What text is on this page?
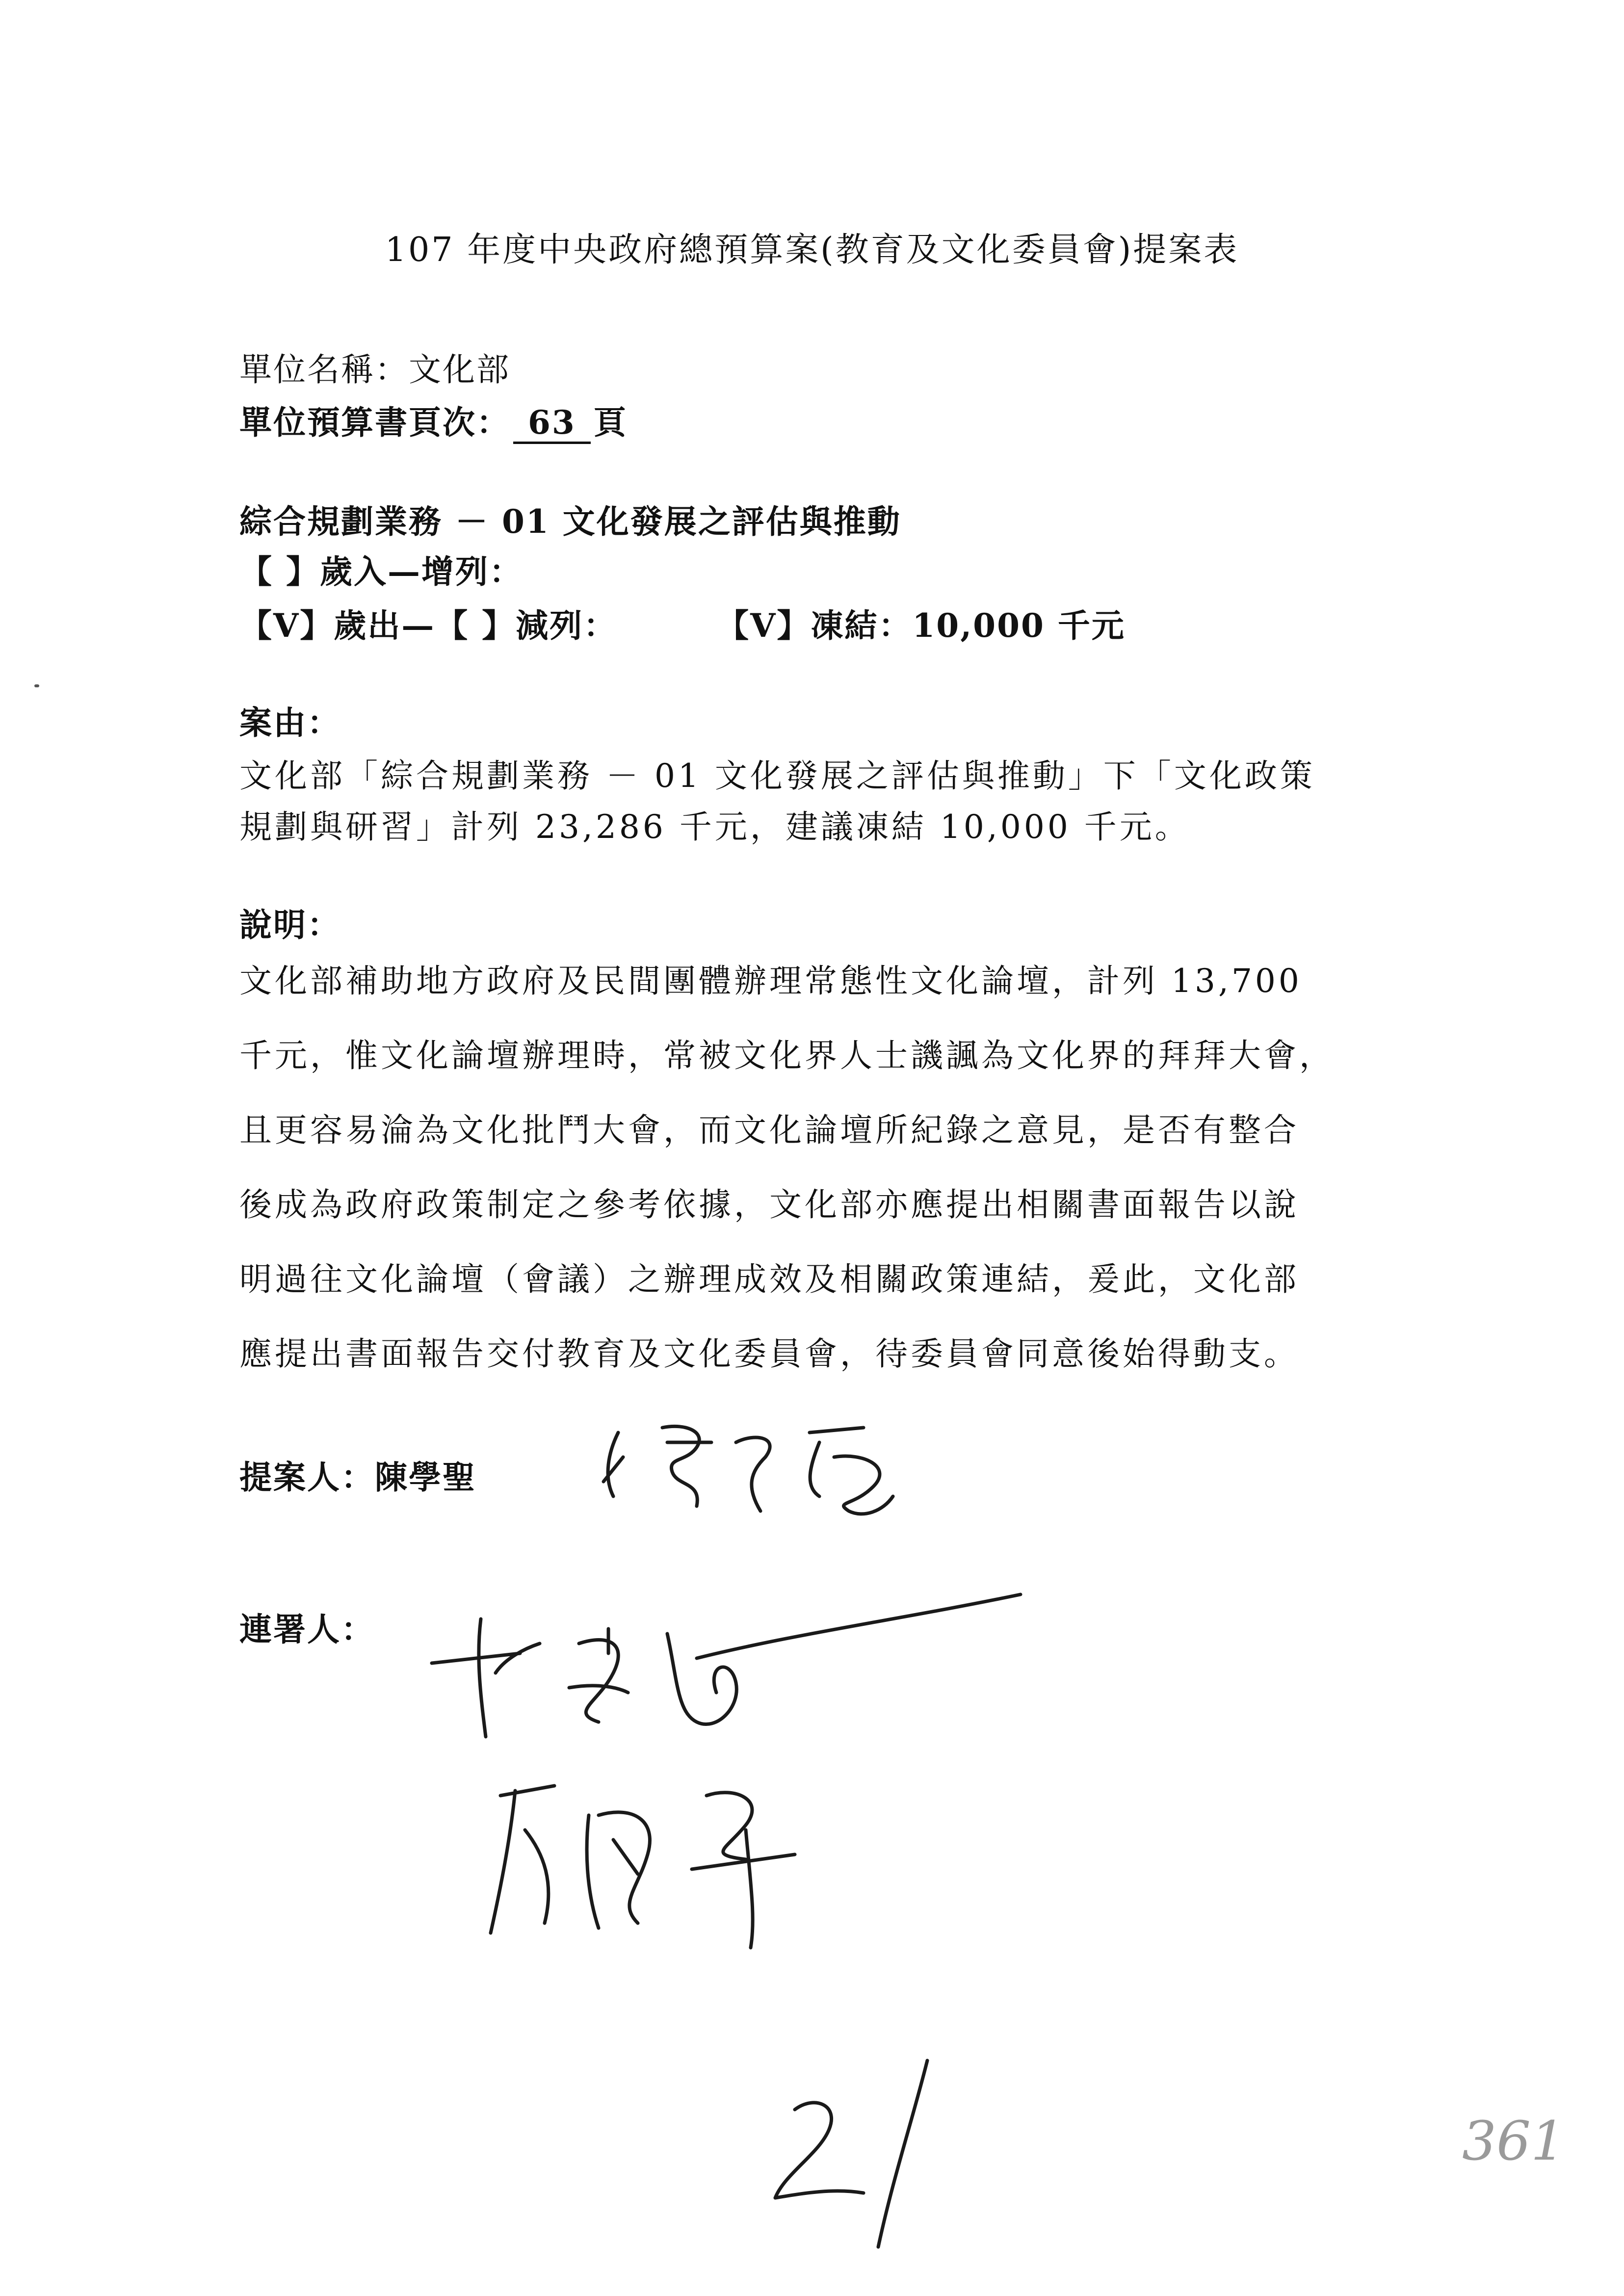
107 年度中央政府總預算案(教育及文化委員會)提案表
單位名稱：文化部
單位預算書頁次： 63 頁
綜合規劃業務 － 01 文化發展之評估與推動
【 】歲入—增列：
【V】歲出—【 】減列：	【V】凍結：10,000 千元
案由：
文化部「綜合規劃業務 － 01 文化發展之評估與推動」下「文化政策
規劃與研習」計列 23,286 千元，建議凍結 10,000 千元。
說明：
文化部補助地方政府及民間團體辦理常態性文化論壇，計列 13,700
千元，惟文化論壇辦理時，常被文化界人士譏諷為文化界的拜拜大會，
且更容易淪為文化批鬥大會，而文化論壇所紀錄之意見，是否有整合
後成為政府政策制定之參考依據，文化部亦應提出相關書面報告以說
明過往文化論壇（會議）之辦理成效及相關政策連結，爰此，文化部
應提出書面報告交付教育及文化委員會，待委員會同意後始得動支。
提案人：陳學聖
連署人：
361
